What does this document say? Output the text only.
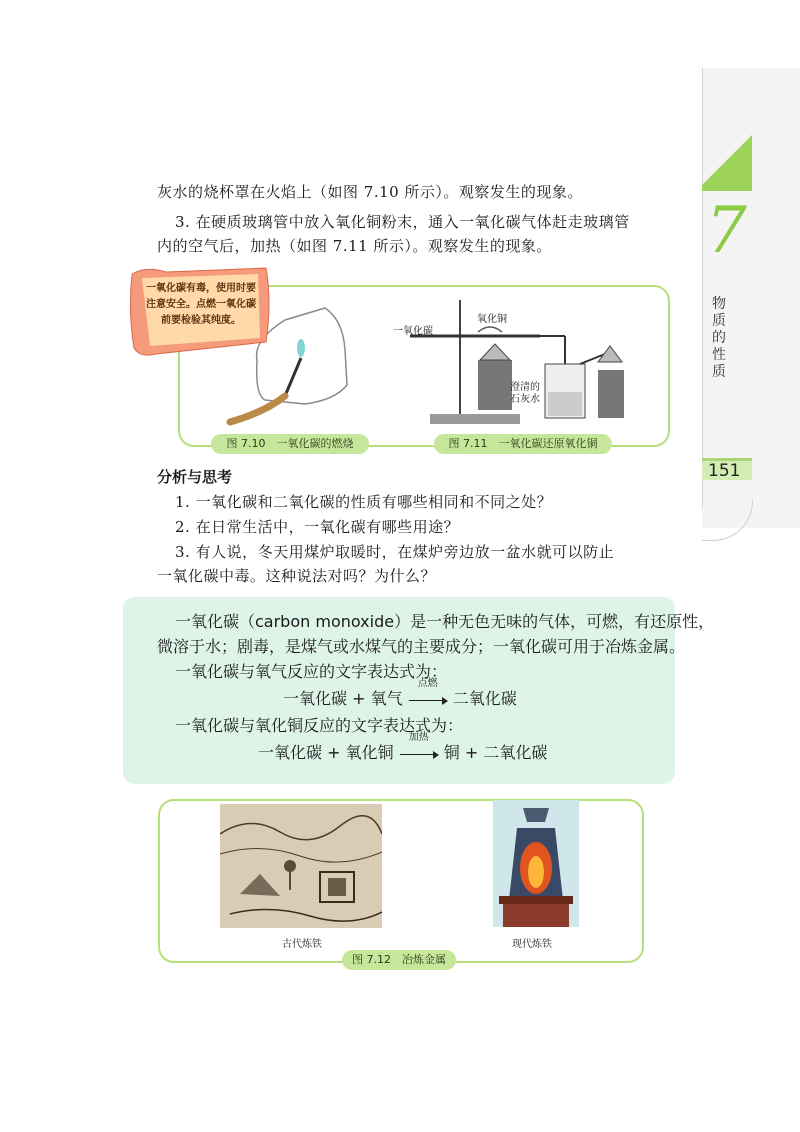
7
物质的性质
151
灰水的烧杯罩在火焰上（如图 7.10 所示）。观察发生的现象。
3. 在硬质玻璃管中放入氧化铜粉末，通入一氧化碳气体赶走玻璃管
内的空气后，加热（如图 7.11 所示）。观察发生的现象。
一氧化碳有毒，使用时要注意安全。点燃一氧化碳前要检验其纯度。
一氧化碳
氧化铜
澄清的石灰水
图 7.10　一氧化碳的燃烧	图 7.11　一氧化碳还原氧化铜
分析与思考
1. 一氧化碳和二氧化碳的性质有哪些相同和不同之处？
2. 在日常生活中，一氧化碳有哪些用途？
3. 有人说，冬天用煤炉取暖时，在煤炉旁边放一盆水就可以防止
一氧化碳中毒。这种说法对吗？为什么？
一氧化碳（carbon monoxide）是一种无色无味的气体，可燃，有还原性，
微溶于水；剧毒，是煤气或水煤气的主要成分；一氧化碳可用于冶炼金属。
一氧化碳与氧气反应的文字表达式为：
一氧化碳 + 氧气
点燃
二氧化碳
一氧化碳与氧化铜反应的文字表达式为：
一氧化碳 + 氧化铜
加热
铜 + 二氧化碳
古代炼铁	现代炼铁
图 7.12　冶炼金属
